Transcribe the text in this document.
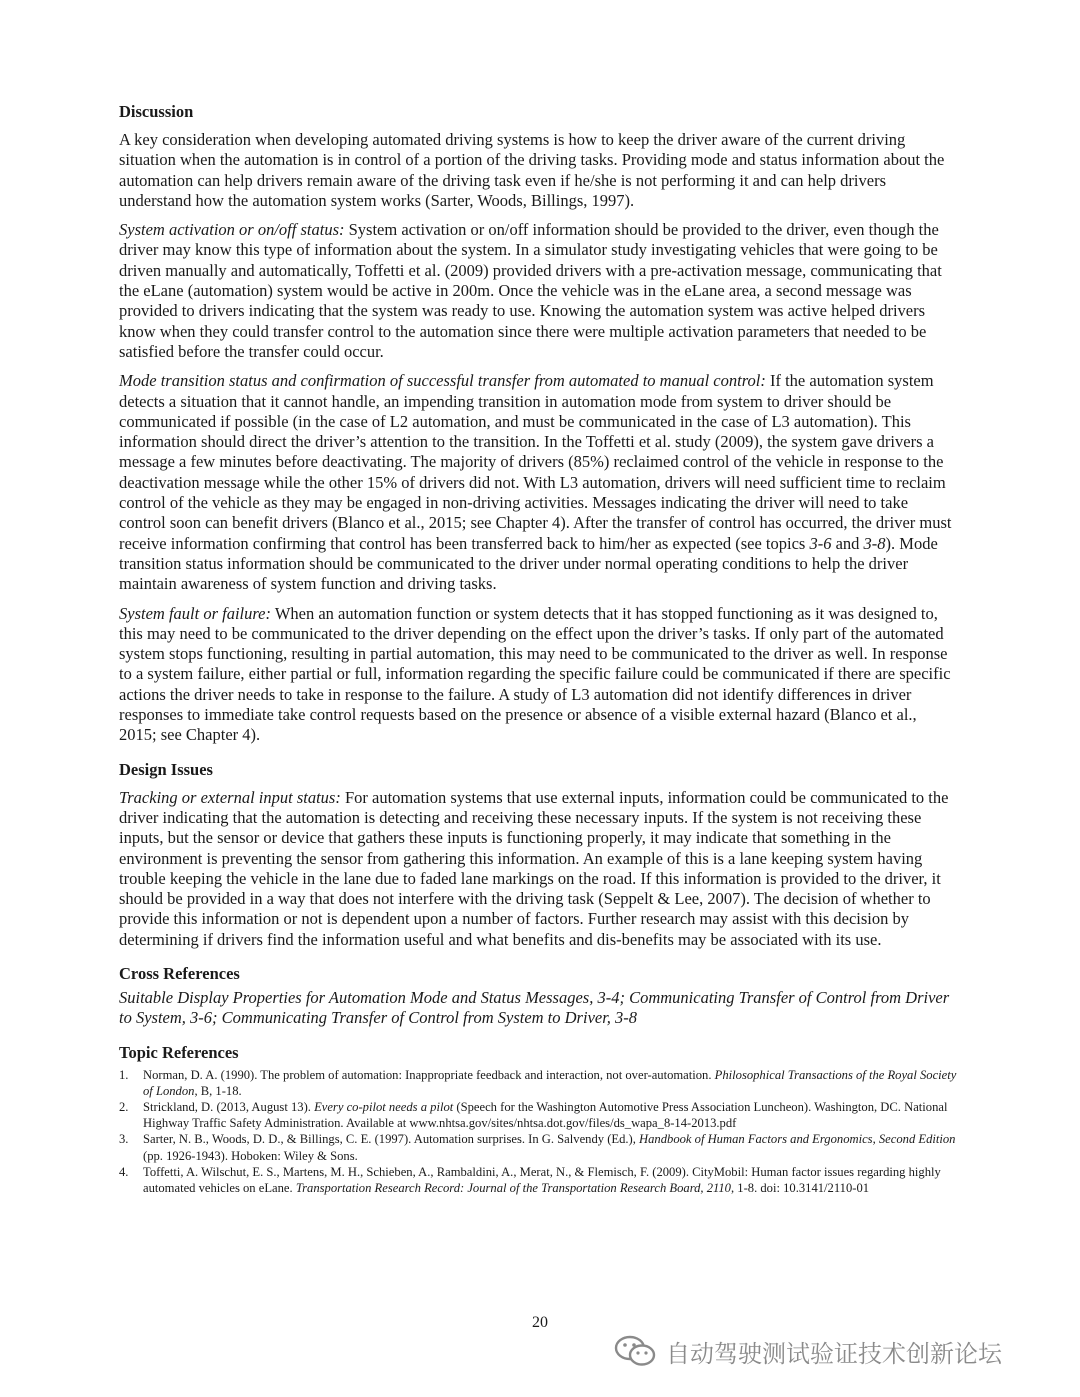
Discussion

A key consideration when developing automated driving systems is how to keep the driver aware of the current driving situation when the automation is in control of a portion of the driving tasks. Providing mode and status information about the automation can help drivers remain aware of the driving task even if he/she is not performing it and can help drivers understand how the automation system works (Sarter, Woods, Billings, 1997).

System activation or on/off status: System activation or on/off information should be provided to the driver, even though the driver may know this type of information about the system. In a simulator study investigating vehicles that were going to be driven manually and automatically, Toffetti et al. (2009) provided drivers with a pre-activation message, communicating that the eLane (automation) system would be active in 200m. Once the vehicle was in the eLane area, a second message was provided to drivers indicating that the system was ready to use. Knowing the automation system was active helped drivers know when they could transfer control to the automation since there were multiple activation parameters that needed to be satisfied before the transfer could occur.

Mode transition status and confirmation of successful transfer from automated to manual control: If the automation system detects a situation that it cannot handle, an impending transition in automation mode from system to driver should be communicated if possible (in the case of L2 automation, and must be communicated in the case of L3 automation). This information should direct the driver’s attention to the transition. In the Toffetti et al. study (2009), the system gave drivers a message a few minutes before deactivating. The majority of drivers (85%) reclaimed control of the vehicle in response to the deactivation message while the other 15% of drivers did not. With L3 automation, drivers will need sufficient time to reclaim control of the vehicle as they may be engaged in non-driving activities. Messages indicating the driver will need to take control soon can benefit drivers (Blanco et al., 2015; see Chapter 4). After the transfer of control has occurred, the driver must receive information confirming that control has been transferred back to him/her as expected (see topics 3-6 and 3-8). Mode transition status information should be communicated to the driver under normal operating conditions to help the driver maintain awareness of system function and driving tasks.

System fault or failure: When an automation function or system detects that it has stopped functioning as it was designed to, this may need to be communicated to the driver depending on the effect upon the driver’s tasks. If only part of the automated system stops functioning, resulting in partial automation, this may need to be communicated to the driver as well. In response to a system failure, either partial or full, information regarding the specific failure could be communicated if there are specific actions the driver needs to take in response to the failure. A study of L3 automation did not identify differences in driver responses to immediate take control requests based on the presence or absence of a visible external hazard (Blanco et al., 2015; see Chapter 4).

Design Issues

Tracking or external input status: For automation systems that use external inputs, information could be communicated to the driver indicating that the automation is detecting and receiving these necessary inputs. If the system is not receiving these inputs, but the sensor or device that gathers these inputs is functioning properly, it may indicate that something in the environment is preventing the sensor from gathering this information. An example of this is a lane keeping system having trouble keeping the vehicle in the lane due to faded lane markings on the road. If this information is provided to the driver, it should be provided in a way that does not interfere with the driving task (Seppelt & Lee, 2007). The decision of whether to provide this information or not is dependent upon a number of factors. Further research may assist with this decision by determining if drivers find the information useful and what benefits and dis-benefits may be associated with its use.

Cross References

Suitable Display Properties for Automation Mode and Status Messages, 3-4; Communicating Transfer of Control from Driver to System, 3-6; Communicating Transfer of Control from System to Driver, 3-8

Topic References
1. Norman, D. A. (1990). The problem of automation: Inappropriate feedback and interaction, not over-automation. Philosophical Transactions of the Royal Society of London, B, 1-18.
2. Strickland, D. (2013, August 13). Every co-pilot needs a pilot (Speech for the Washington Automotive Press Association Luncheon). Washington, DC. National Highway Traffic Safety Administration. Available at www.nhtsa.gov/sites/nhtsa.dot.gov/files/ds_wapa_8-14-2013.pdf
3. Sarter, N. B., Woods, D. D., & Billings, C. E. (1997). Automation surprises. In G. Salvendy (Ed.), Handbook of Human Factors and Ergonomics, Second Edition (pp. 1926-1943). Hoboken: Wiley & Sons.
4. Toffetti, A. Wilschut, E. S., Martens, M. H., Schieben, A., Rambaldini, A., Merat, N., & Flemisch, F. (2009). CityMobil: Human factor issues regarding highly automated vehicles on eLane. Transportation Research Record: Journal of the Transportation Research Board, 2110, 1-8. doi: 10.3141/2110-01
20
自动驾驶测试验证技术创新论坛
